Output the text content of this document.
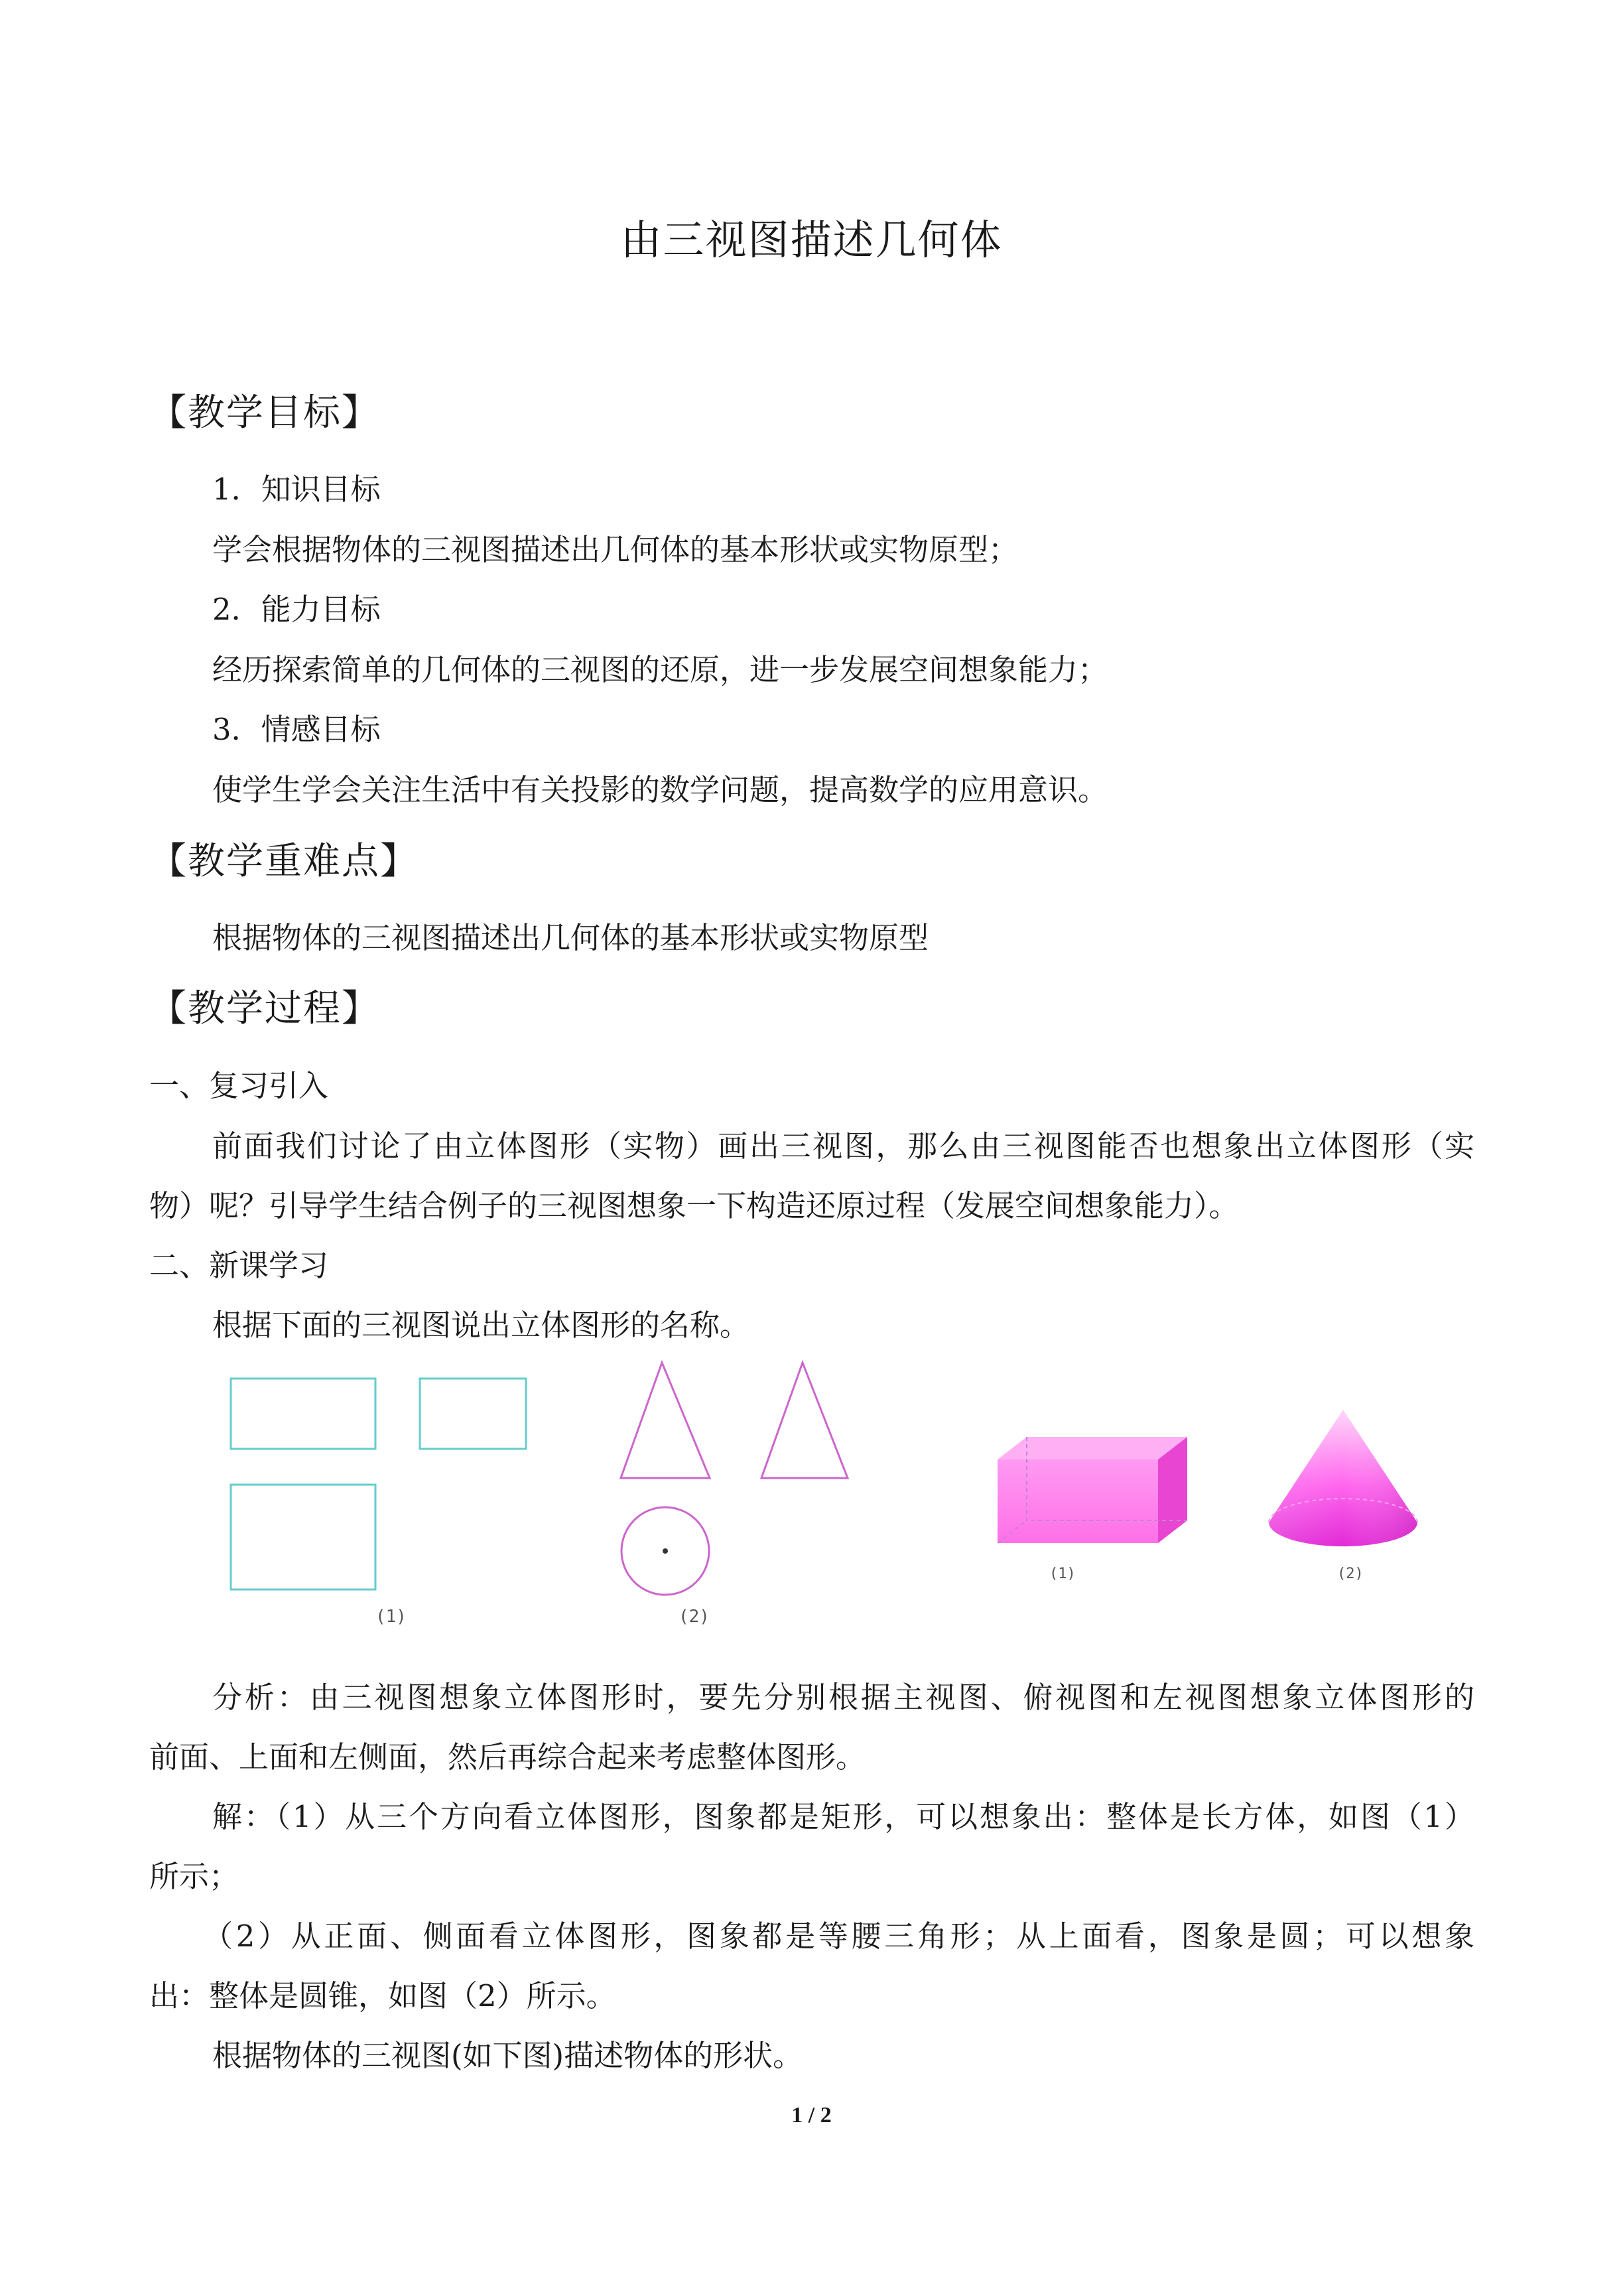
由三视图描述几何体
【教学目标】
1．知识目标
学会根据物体的三视图描述出几何体的基本形状或实物原型；
2．能力目标
经历探索简单的几何体的三视图的还原，进一步发展空间想象能力；
3．情感目标
使学生学会关注生活中有关投影的数学问题，提高数学的应用意识。
【教学重难点】
根据物体的三视图描述出几何体的基本形状或实物原型
【教学过程】
一、复习引入
前面我们讨论了由立体图形（实物）画出三视图，那么由三视图能否也想象出立体图形（实
物）呢？引导学生结合例子的三视图想象一下构造还原过程（发展空间想象能力）。
二、新课学习
根据下面的三视图说出立体图形的名称。
(1)	(2)
(1)	(2)
分析：由三视图想象立体图形时，要先分别根据主视图、俯视图和左视图想象立体图形的
前面、上面和左侧面，然后再综合起来考虑整体图形。
解：（1）从三个方向看立体图形，图象都是矩形，可以想象出：整体是长方体，如图（1）
所示；
（2）从正面、侧面看立体图形，图象都是等腰三角形；从上面看，图象是圆；可以想象
出：整体是圆锥，如图（2）所示。
根据物体的三视图(如下图)描述物体的形状。
1 / 2
